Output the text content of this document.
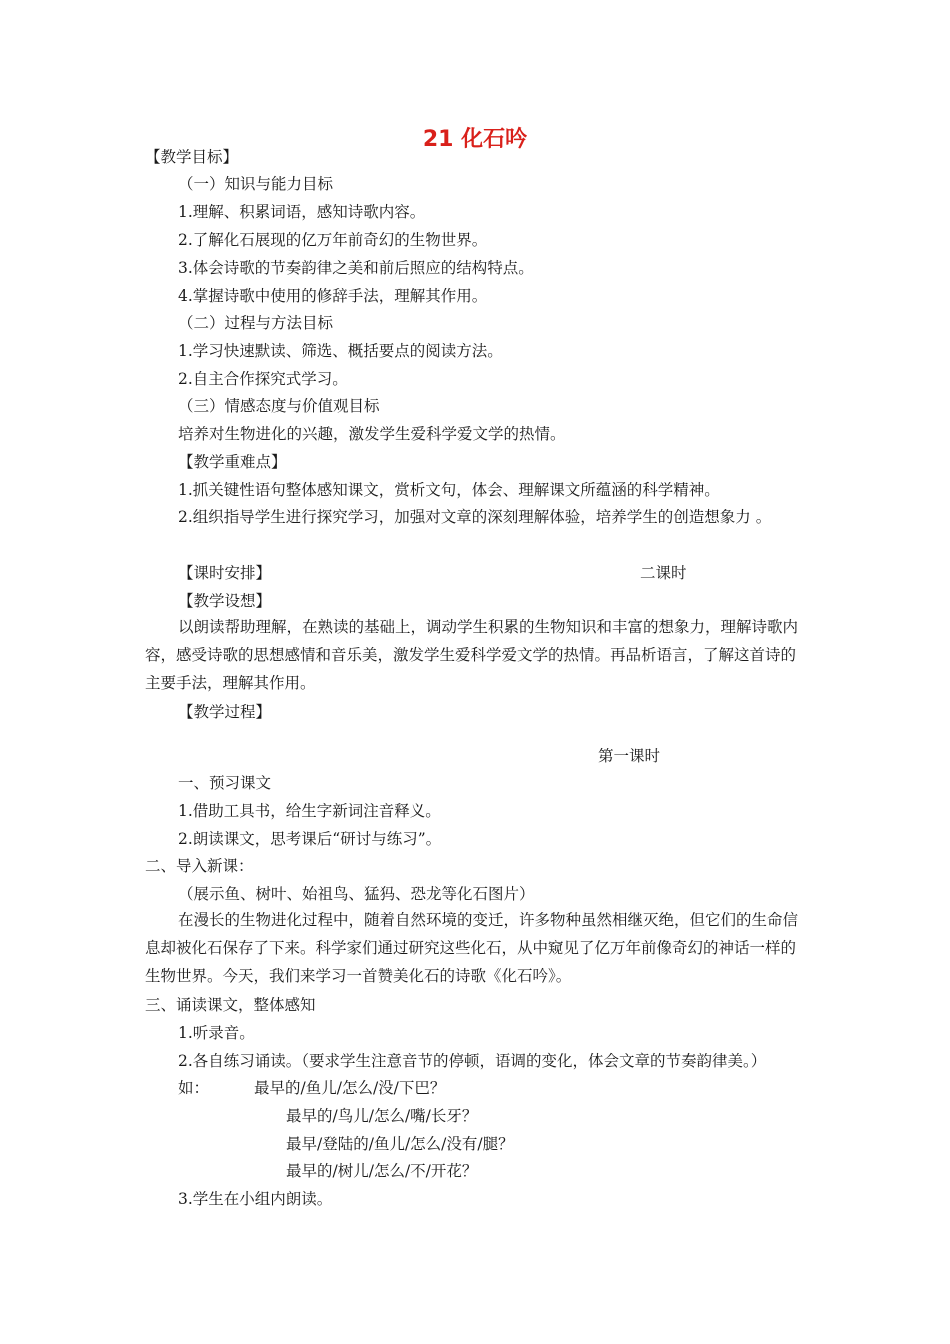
21 化石吟
【教学目标】
（一）知识与能力目标
1.理解、积累词语，感知诗歌内容。
2.了解化石展现的亿万年前奇幻的生物世界。
3.体会诗歌的节奏韵律之美和前后照应的结构特点。
4.掌握诗歌中使用的修辞手法，理解其作用。
（二）过程与方法目标
1.学习快速默读、筛选、概括要点的阅读方法。
2.自主合作探究式学习。
（三）情感态度与价值观目标
培养对生物进化的兴趣，激发学生爱科学爱文学的热情。
【教学重难点】
1.抓关键性语句整体感知课文，赏析文句，体会、理解课文所蕴涵的科学精神。
2.组织指导学生进行探究学习，加强对文章的深刻理解体验，培养学生的创造想象力 。
【课时安排】	二课时
【教学设想】
以朗读帮助理解，在熟读的基础上，调动学生积累的生物知识和丰富的想象力，理解诗歌内容，感受诗歌的思想感情和音乐美，激发学生爱科学爱文学的热情。再品析语言，了解这首诗的主要手法，理解其作用。
【教学过程】
第一课时
一、预习课文
1.借助工具书，给生字新词注音释义。
2.朗读课文，思考课后“研讨与练习”。
二、导入新课：
（展示鱼、树叶、始祖鸟、猛犸、恐龙等化石图片）
在漫长的生物进化过程中，随着自然环境的变迁，许多物种虽然相继灭绝，但它们的生命信息却被化石保存了下来。科学家们通过研究这些化石，从中窥见了亿万年前像奇幻的神话一样的生物世界。今天，我们来学习一首赞美化石的诗歌《化石吟》。
三、诵读课文，整体感知
1.听录音。
2.各自练习诵读。（要求学生注意音节的停顿，语调的变化，体会文章的节奏韵律美。）
如：	最早的/鱼儿/怎么/没/下巴？
最早的/鸟儿/怎么/嘴/长牙？
最早/登陆的/鱼儿/怎么/没有/腿？
最早的/树儿/怎么/不/开花？
3.学生在小组内朗读。
